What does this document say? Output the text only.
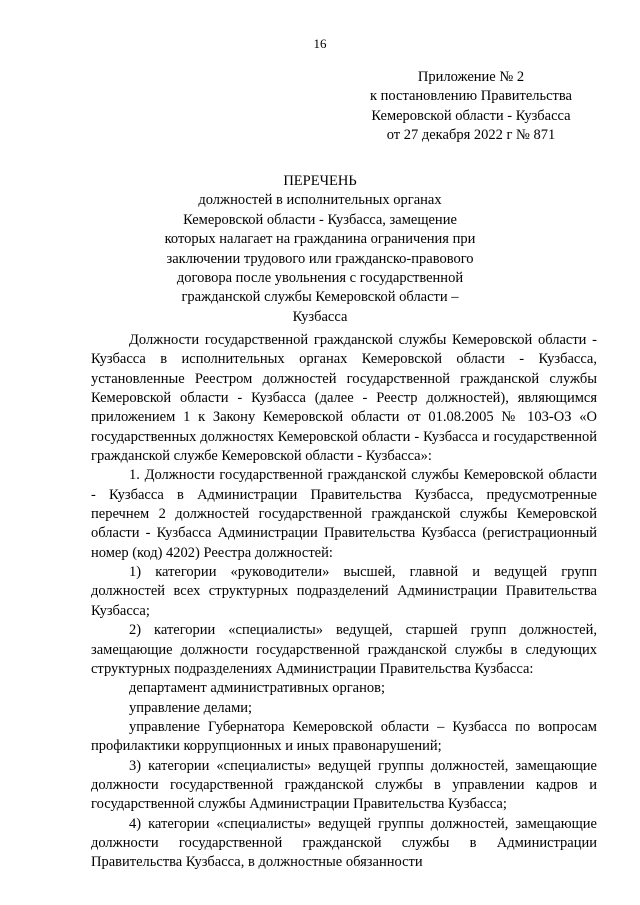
16
Приложение № 2
к постановлению Правительства
Кемеровской области - Кузбасса
от 27 декабря 2022 г № 871
ПЕРЕЧЕНЬ
должностей в исполнительных органах
Кемеровской области - Кузбасса, замещение
которых налагает на гражданина ограничения при
заключении трудового или гражданско-правового
договора после увольнения с государственной
гражданской службы Кемеровской области –
Кузбасса

Должности государственной гражданской службы Кемеровской области - Кузбасса в исполнительных органах Кемеровской области - Кузбасса, установленные Реестром должностей государственной гражданской службы Кемеровской области - Кузбасса (далее - Реестр должностей), являющимся приложением 1 к Закону Кемеровской области от 01.08.2005 № 103-ОЗ «О государственных должностях Кемеровской области - Кузбасса и государственной гражданской службе Кемеровской области - Кузбасса»:

1. Должности государственной гражданской службы Кемеровской области - Кузбасса в Администрации Правительства Кузбасса, предусмотренные перечнем 2 должностей государственной гражданской службы Кемеровской области - Кузбасса Администрации Правительства Кузбасса (регистрационный номер (код) 4202) Реестра должностей:

1) категории «руководители» высшей, главной и ведущей групп должностей всех структурных подразделений Администрации Правительства Кузбасса;

2) категории «специалисты» ведущей, старшей групп должностей, замещающие должности государственной гражданской службы в следующих структурных подразделениях Администрации Правительства Кузбасса:

департамент административных органов;

управление делами;

управление Губернатора Кемеровской области – Кузбасса по вопросам профилактики коррупционных и иных правонарушений;

3) категории «специалисты» ведущей группы должностей, замещающие должности государственной гражданской службы в управлении кадров и государственной службы Администрации Правительства Кузбасса;

4) категории «специалисты» ведущей группы должностей, замещающие должности государственной гражданской службы в Администрации Правительства Кузбасса, в должностные обязанности
